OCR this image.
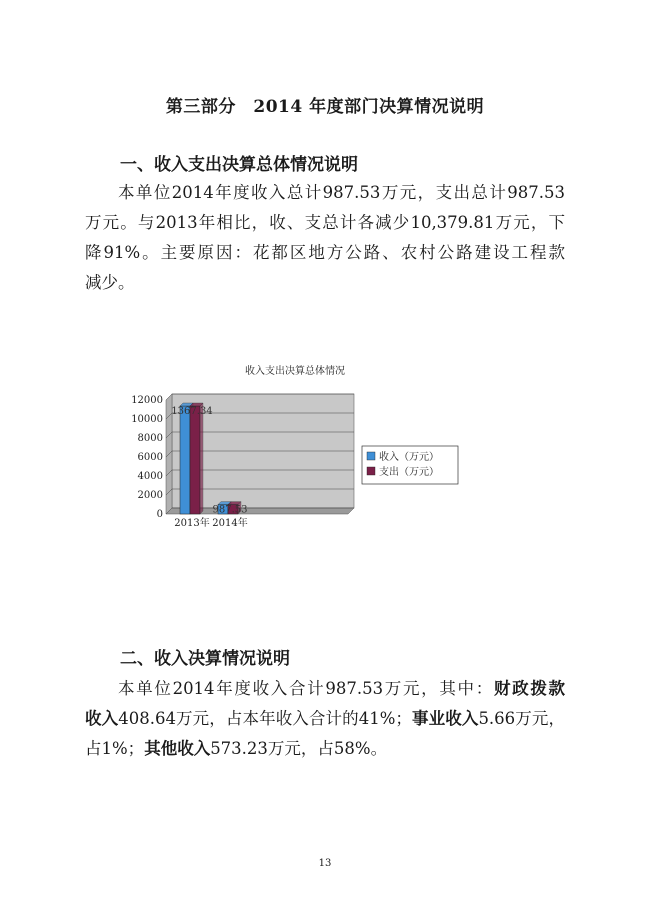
第三部分　2014 年度部门决算情况说明
一、收入支出决算总体情况说明
本单位2014年度收入总计987.53万元，支出总计987.53
万元。与2013年相比，收、支总计各减少10,379.81万元，下
降91%。主要原因：花都区地方公路、农村公路建设工程款
减少。
收入支出决算总体情况
0
2000
4000
6000
8000
10000
12000
1367.34
2013年
987.53
2014年
收入（万元）
支出（万元）
二、收入决算情况说明
本单位2014年度收入合计987.53万元，其中：财政拨款
收入408.64万元，占本年收入合计的41%；事业收入5.66万元，
占1%；其他收入573.23万元，占58%。
13
